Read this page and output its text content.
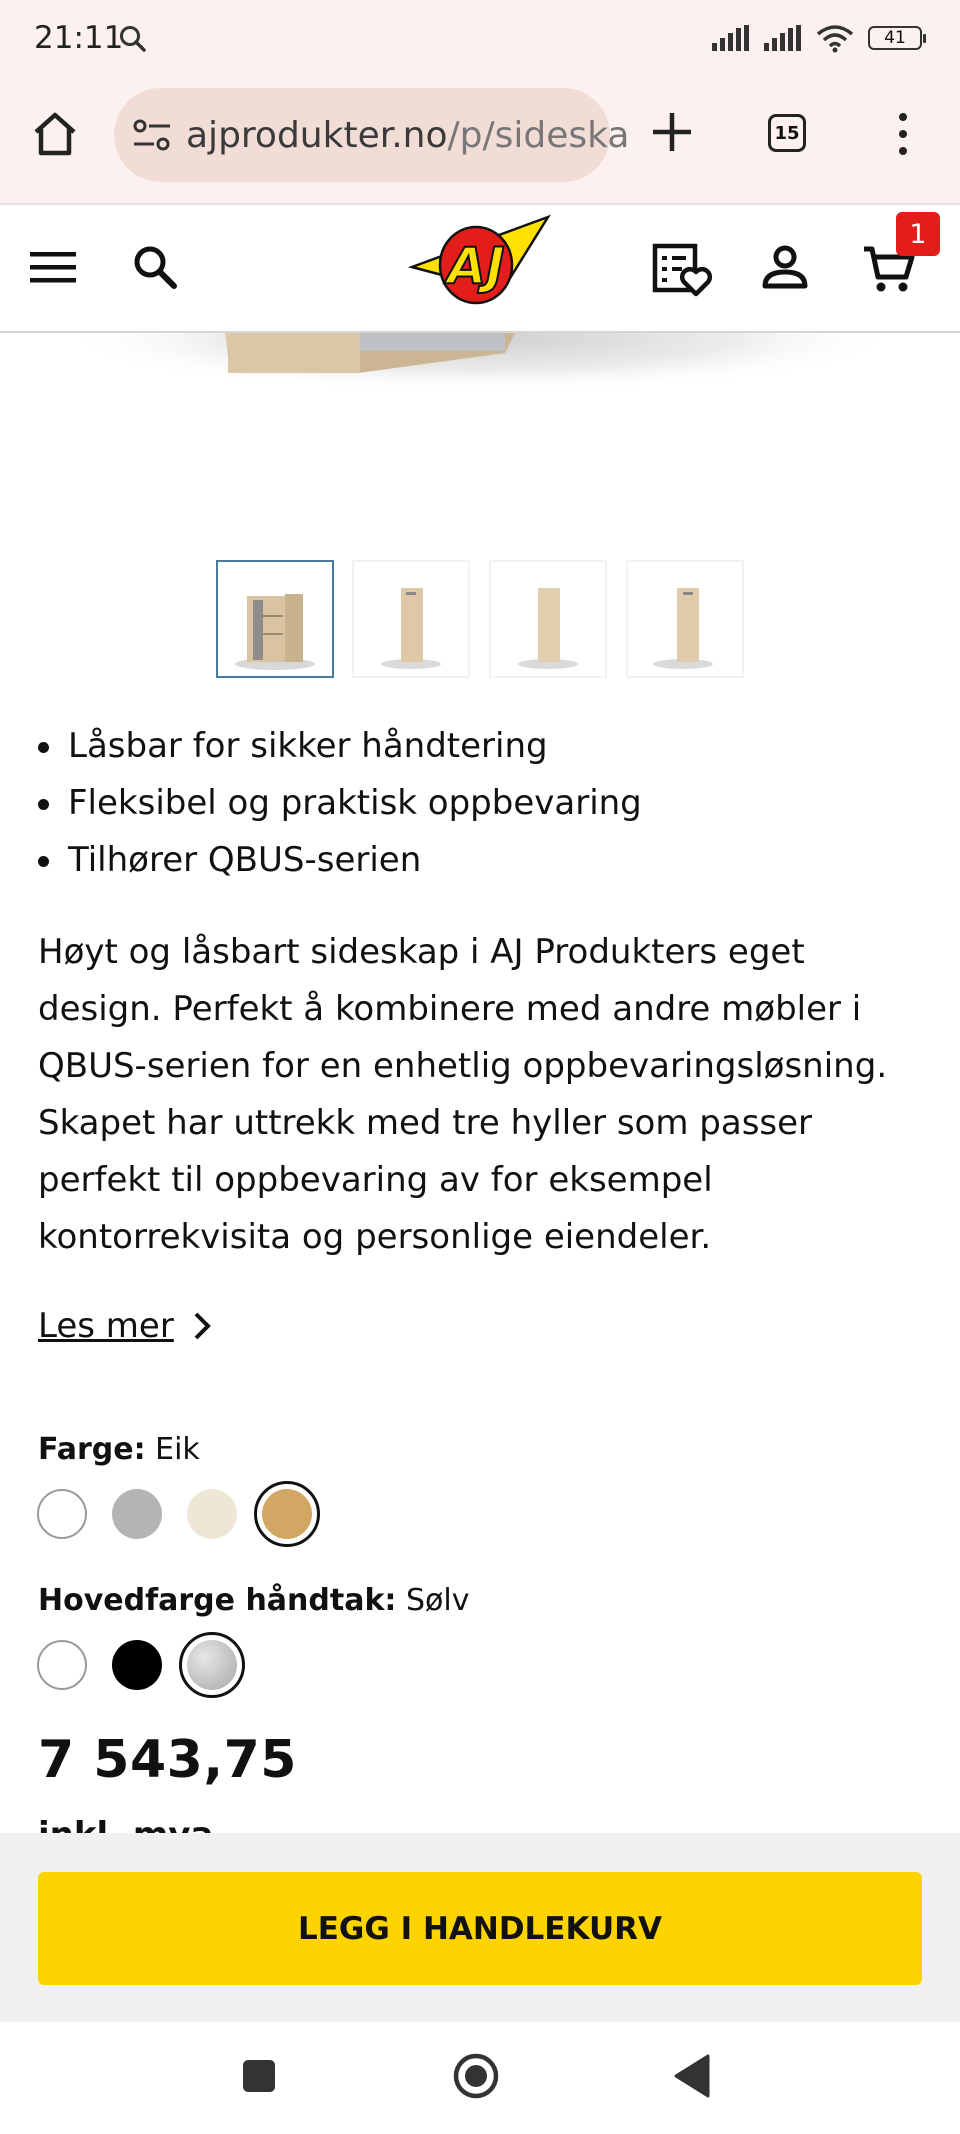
21:11	41
ajprodukter.no/p/sideska	15
AJ
1
Låsbar for sikker håndtering
Fleksibel og praktisk oppbevaring
Tilhører QBUS-serien
Høyt og låsbart sideskap i AJ Produkters eget design. Perfekt å kombinere med andre møbler i QBUS-serien for en enhetlig oppbevaringsløsning. Skapet har uttrekk med tre hyller som passer perfekt til oppbevaring av for eksempel kontorrekvisita og personlige eiendeler.
Les mer
Farge: Eik
Hovedfarge håndtak: Sølv
7 543,75
LEGG I HANDLEKURV
